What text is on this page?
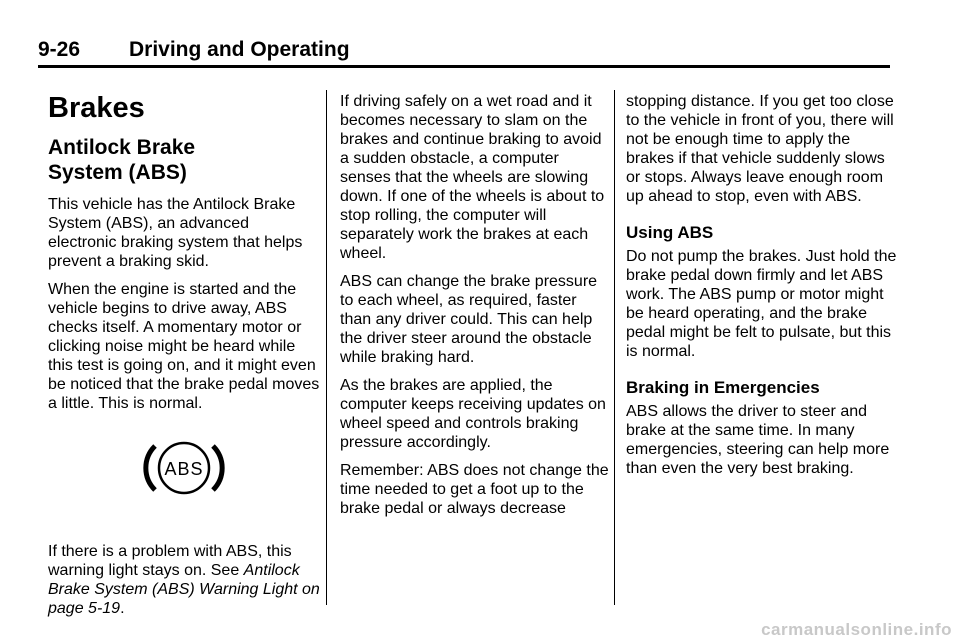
9-26 Driving and Operating
Brakes
Antilock Brake
System (ABS)

This vehicle has the Antilock Brake System (ABS), an advanced electronic braking system that helps prevent a braking skid.

When the engine is started and the vehicle begins to drive away, ABS checks itself. A momentary motor or clicking noise might be heard while this test is going on, and it might even be noticed that the brake pedal moves a little. This is normal.

ABS

If there is a problem with ABS, this warning light stays on. See Antilock Brake System (ABS) Warning Light on page 5‑19.

If driving safely on a wet road and it becomes necessary to slam on the brakes and continue braking to avoid a sudden obstacle, a computer senses that the wheels are slowing down. If one of the wheels is about to stop rolling, the computer will separately work the brakes at each wheel.

ABS can change the brake pressure to each wheel, as required, faster than any driver could. This can help the driver steer around the obstacle while braking hard.

As the brakes are applied, the computer keeps receiving updates on wheel speed and controls braking pressure accordingly.

Remember: ABS does not change the time needed to get a foot up to the brake pedal or always decrease

stopping distance. If you get too close to the vehicle in front of you, there will not be enough time to apply the brakes if that vehicle suddenly slows or stops. Always leave enough room up ahead to stop, even with ABS.

Using ABS

Do not pump the brakes. Just hold the brake pedal down firmly and let ABS work. The ABS pump or motor might be heard operating, and the brake pedal might be felt to pulsate, but this is normal.

Braking in Emergencies

ABS allows the driver to steer and brake at the same time. In many emergencies, steering can help more than even the very best braking.

carmanualsonline.info
